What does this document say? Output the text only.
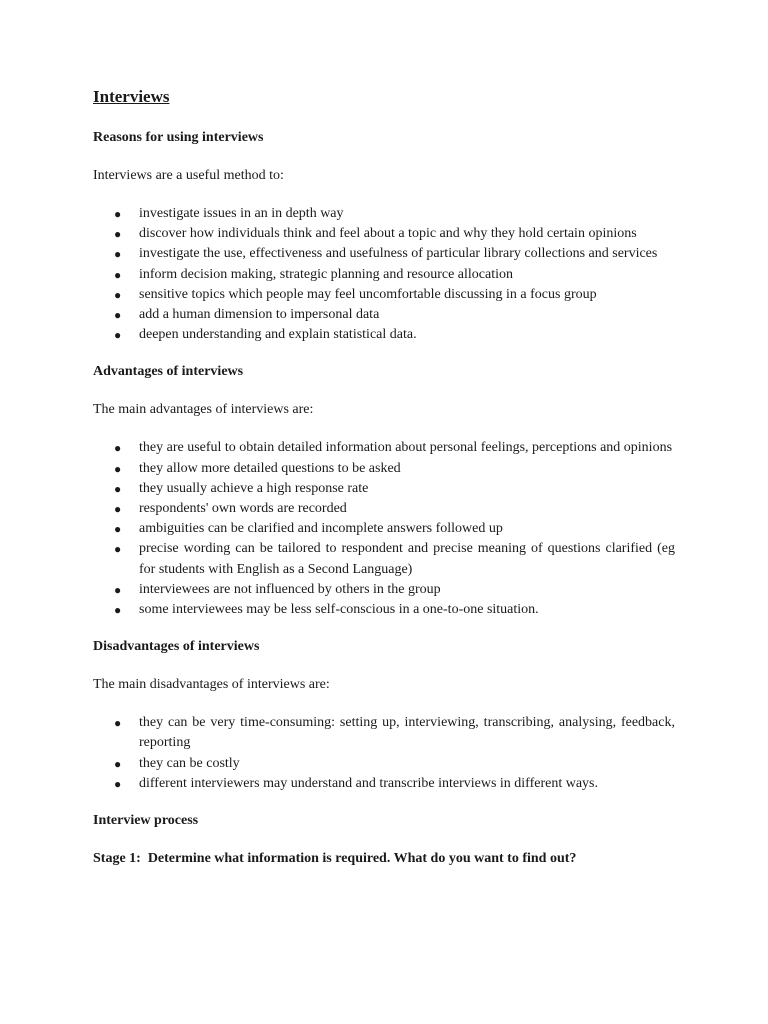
Interviews
Reasons for using interviews
Interviews are a useful method to:
● investigate issues in an in depth way
● discover how individuals think and feel about a topic and why they hold certain opinions
● investigate the use, effectiveness and usefulness of particular library collections and services
● inform decision making, strategic planning and resource allocation
● sensitive topics which people may feel uncomfortable discussing in a focus group
● add a human dimension to impersonal data
● deepen understanding and explain statistical data.
Advantages of interviews
The main advantages of interviews are:
● they are useful to obtain detailed information about personal feelings, perceptions and opinions
● they allow more detailed questions to be asked
● they usually achieve a high response rate
● respondents' own words are recorded
● ambiguities can be clarified and incomplete answers followed up
● precise wording can be tailored to respondent and precise meaning of questions clarified (eg for students with English as a Second Language)
● interviewees are not influenced by others in the group
● some interviewees may be less self-conscious in a one-to-one situation.
Disadvantages of interviews
The main disadvantages of interviews are:
● they can be very time-consuming: setting up, interviewing, transcribing, analysing, feedback, reporting
● they can be costly
● different interviewers may understand and transcribe interviews in different ways.
Interview process
Stage 1:  Determine what information is required. What do you want to find out?
